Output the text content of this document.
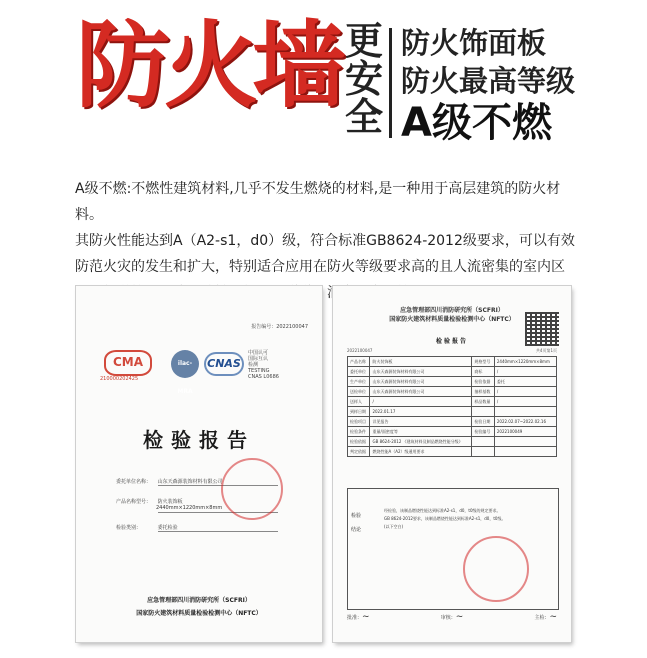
防火墙 更
安
全
防火饰面板
防火最高等级
A级不燃

A级不燃:不燃性建筑材料,几乎不发生燃烧的材料,是一种用于高层建筑的防火材料。

其防火性能达到A（A2-s1，d0）级，符合标准GB8624-2012级要求，可以有效防范火灾的发生和扩大，特别适合应用在防火等级要求高的且人流密集的室内区

报告编号：2022100047
CMA
210000202425
ilac-MRA
CNAS
中国认可
国际互认
检测
TESTING
CNAS L0686
检验报告
委托单位名称： 山东天森源装饰材料有限公司
产品名称型号： 防火装饰板
2440mm×1220mm×8mm
检验类别：	委托检验
应急管理部四川消防研究所（SCFRI）
国家防火建筑材料质量检验检测中心（NFTC）
应急管理部四川消防研究所（SCFRI）
国家防火建筑材料质量检验检测中心（NFTC）
检验报告
2022100047	共4页第1页
产品名称	防火装饰板	规格型号	2440mm×1220mm×8mm
委托单位	山东天森源装饰材料有限公司	商标	/
生产单位	山东天森源装饰材料有限公司	检验依据	委托
送检单位	山东天森源装饰材料有限公司	抽样基数	/
送样人	/	样品数量	/
到样日期	2022.01.17		
检验项目	详见报告	检验日期	2022.02.07~2022.02.16
检验条件	重量/面密度等	检验编号	2022100049
检验依据	GB 8624-2012 《建筑材料及制品燃烧性能分级》		
判定依据	燃烧性能A（A2）级通用要求		
检验结论
经检验，该制品燃烧性能达到标准A2-s1，d0，t0级的规定要求。
GB 8624-2012要求，该制品燃烧性能达到标准A2-s1，d0，t0级。
(以下空白)
批准：~	审核：~	主检：~
